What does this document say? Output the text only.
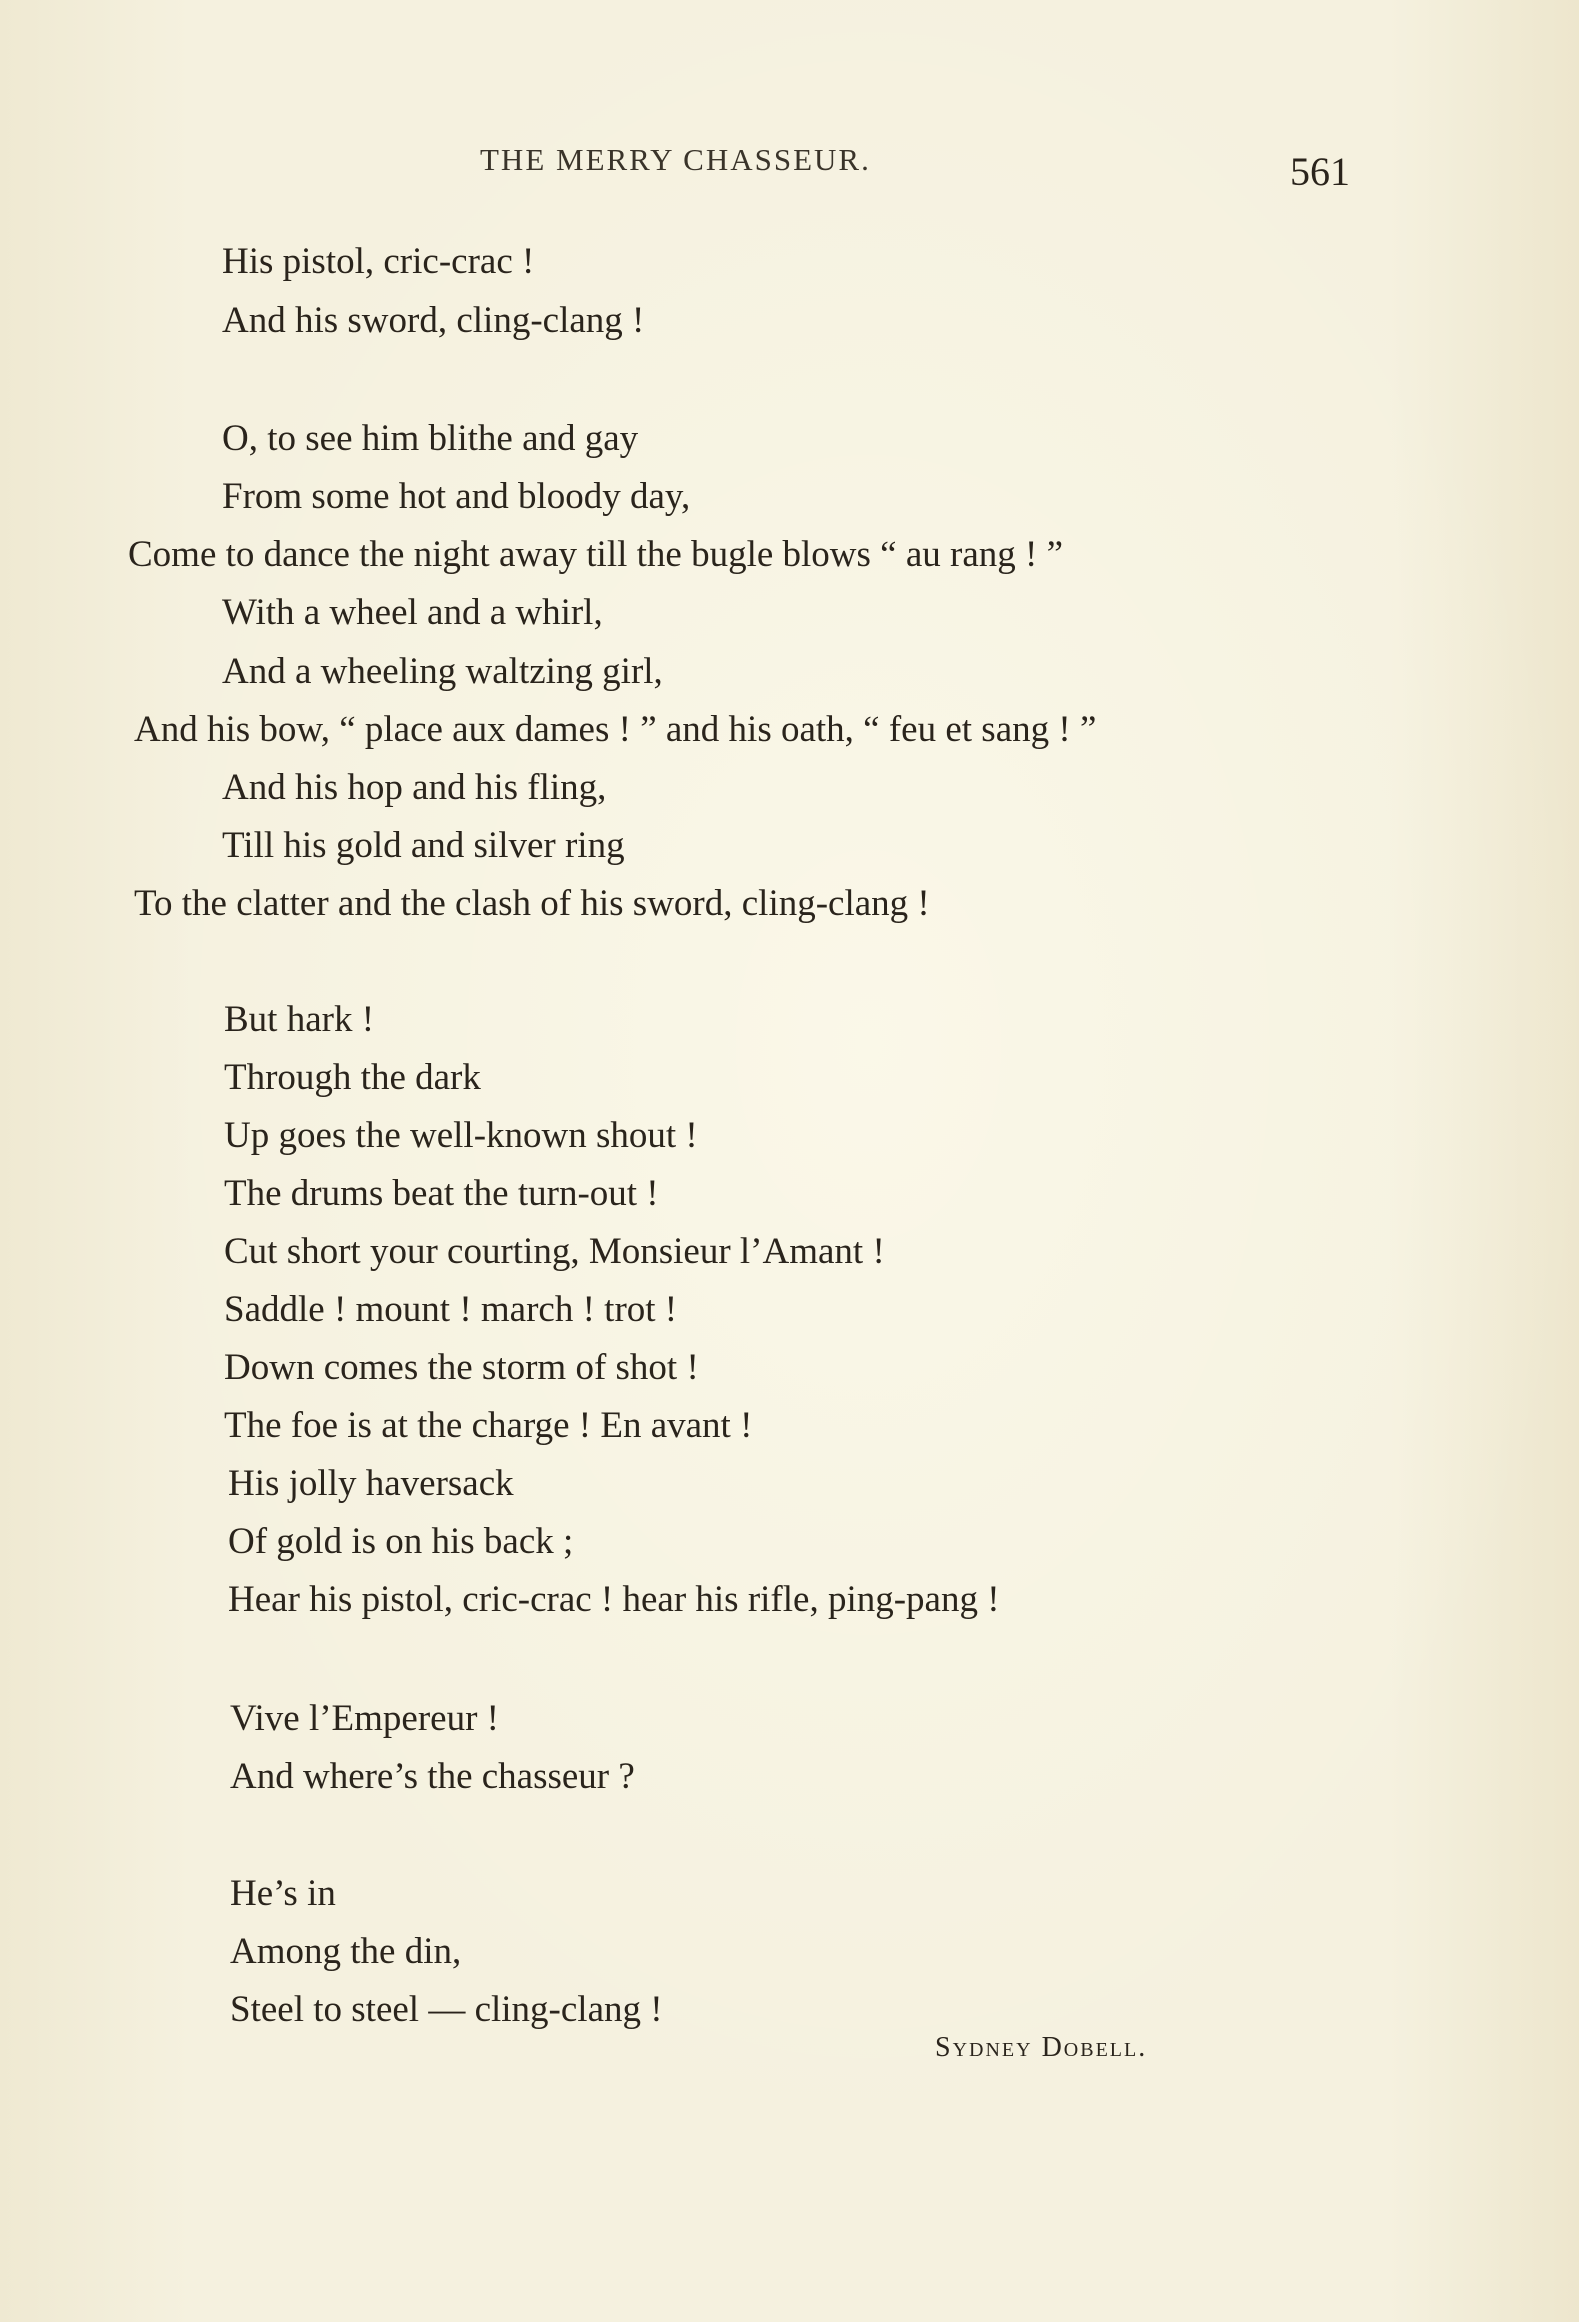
THE MERRY CHASSEUR.	561
His pistol, cric-crac !
And his sword, cling-clang !
O, to see him blithe and gay
From some hot and bloody day,
Come to dance the night away till the bugle blows “ au rang ! ”
With a wheel and a whirl,
And a wheeling waltzing girl,
And his bow, “ place aux dames ! ” and his oath, “ feu et sang ! ”
And his hop and his fling,
Till his gold and silver ring
To the clatter and the clash of his sword, cling-clang !
But hark !
Through the dark
Up goes the well-known shout !
The drums beat the turn-out !
Cut short your courting, Monsieur l’Amant !
Saddle ! mount ! march ! trot !
Down comes the storm of shot !
The foe is at the charge ! En avant !
His jolly haversack
Of gold is on his back ;
Hear his pistol, cric-crac ! hear his rifle, ping-pang !
Vive l’Empereur !
And where’s the chasseur ?
He’s in
Among the din,
Steel to steel — cling-clang !
Sydney Dobell.
